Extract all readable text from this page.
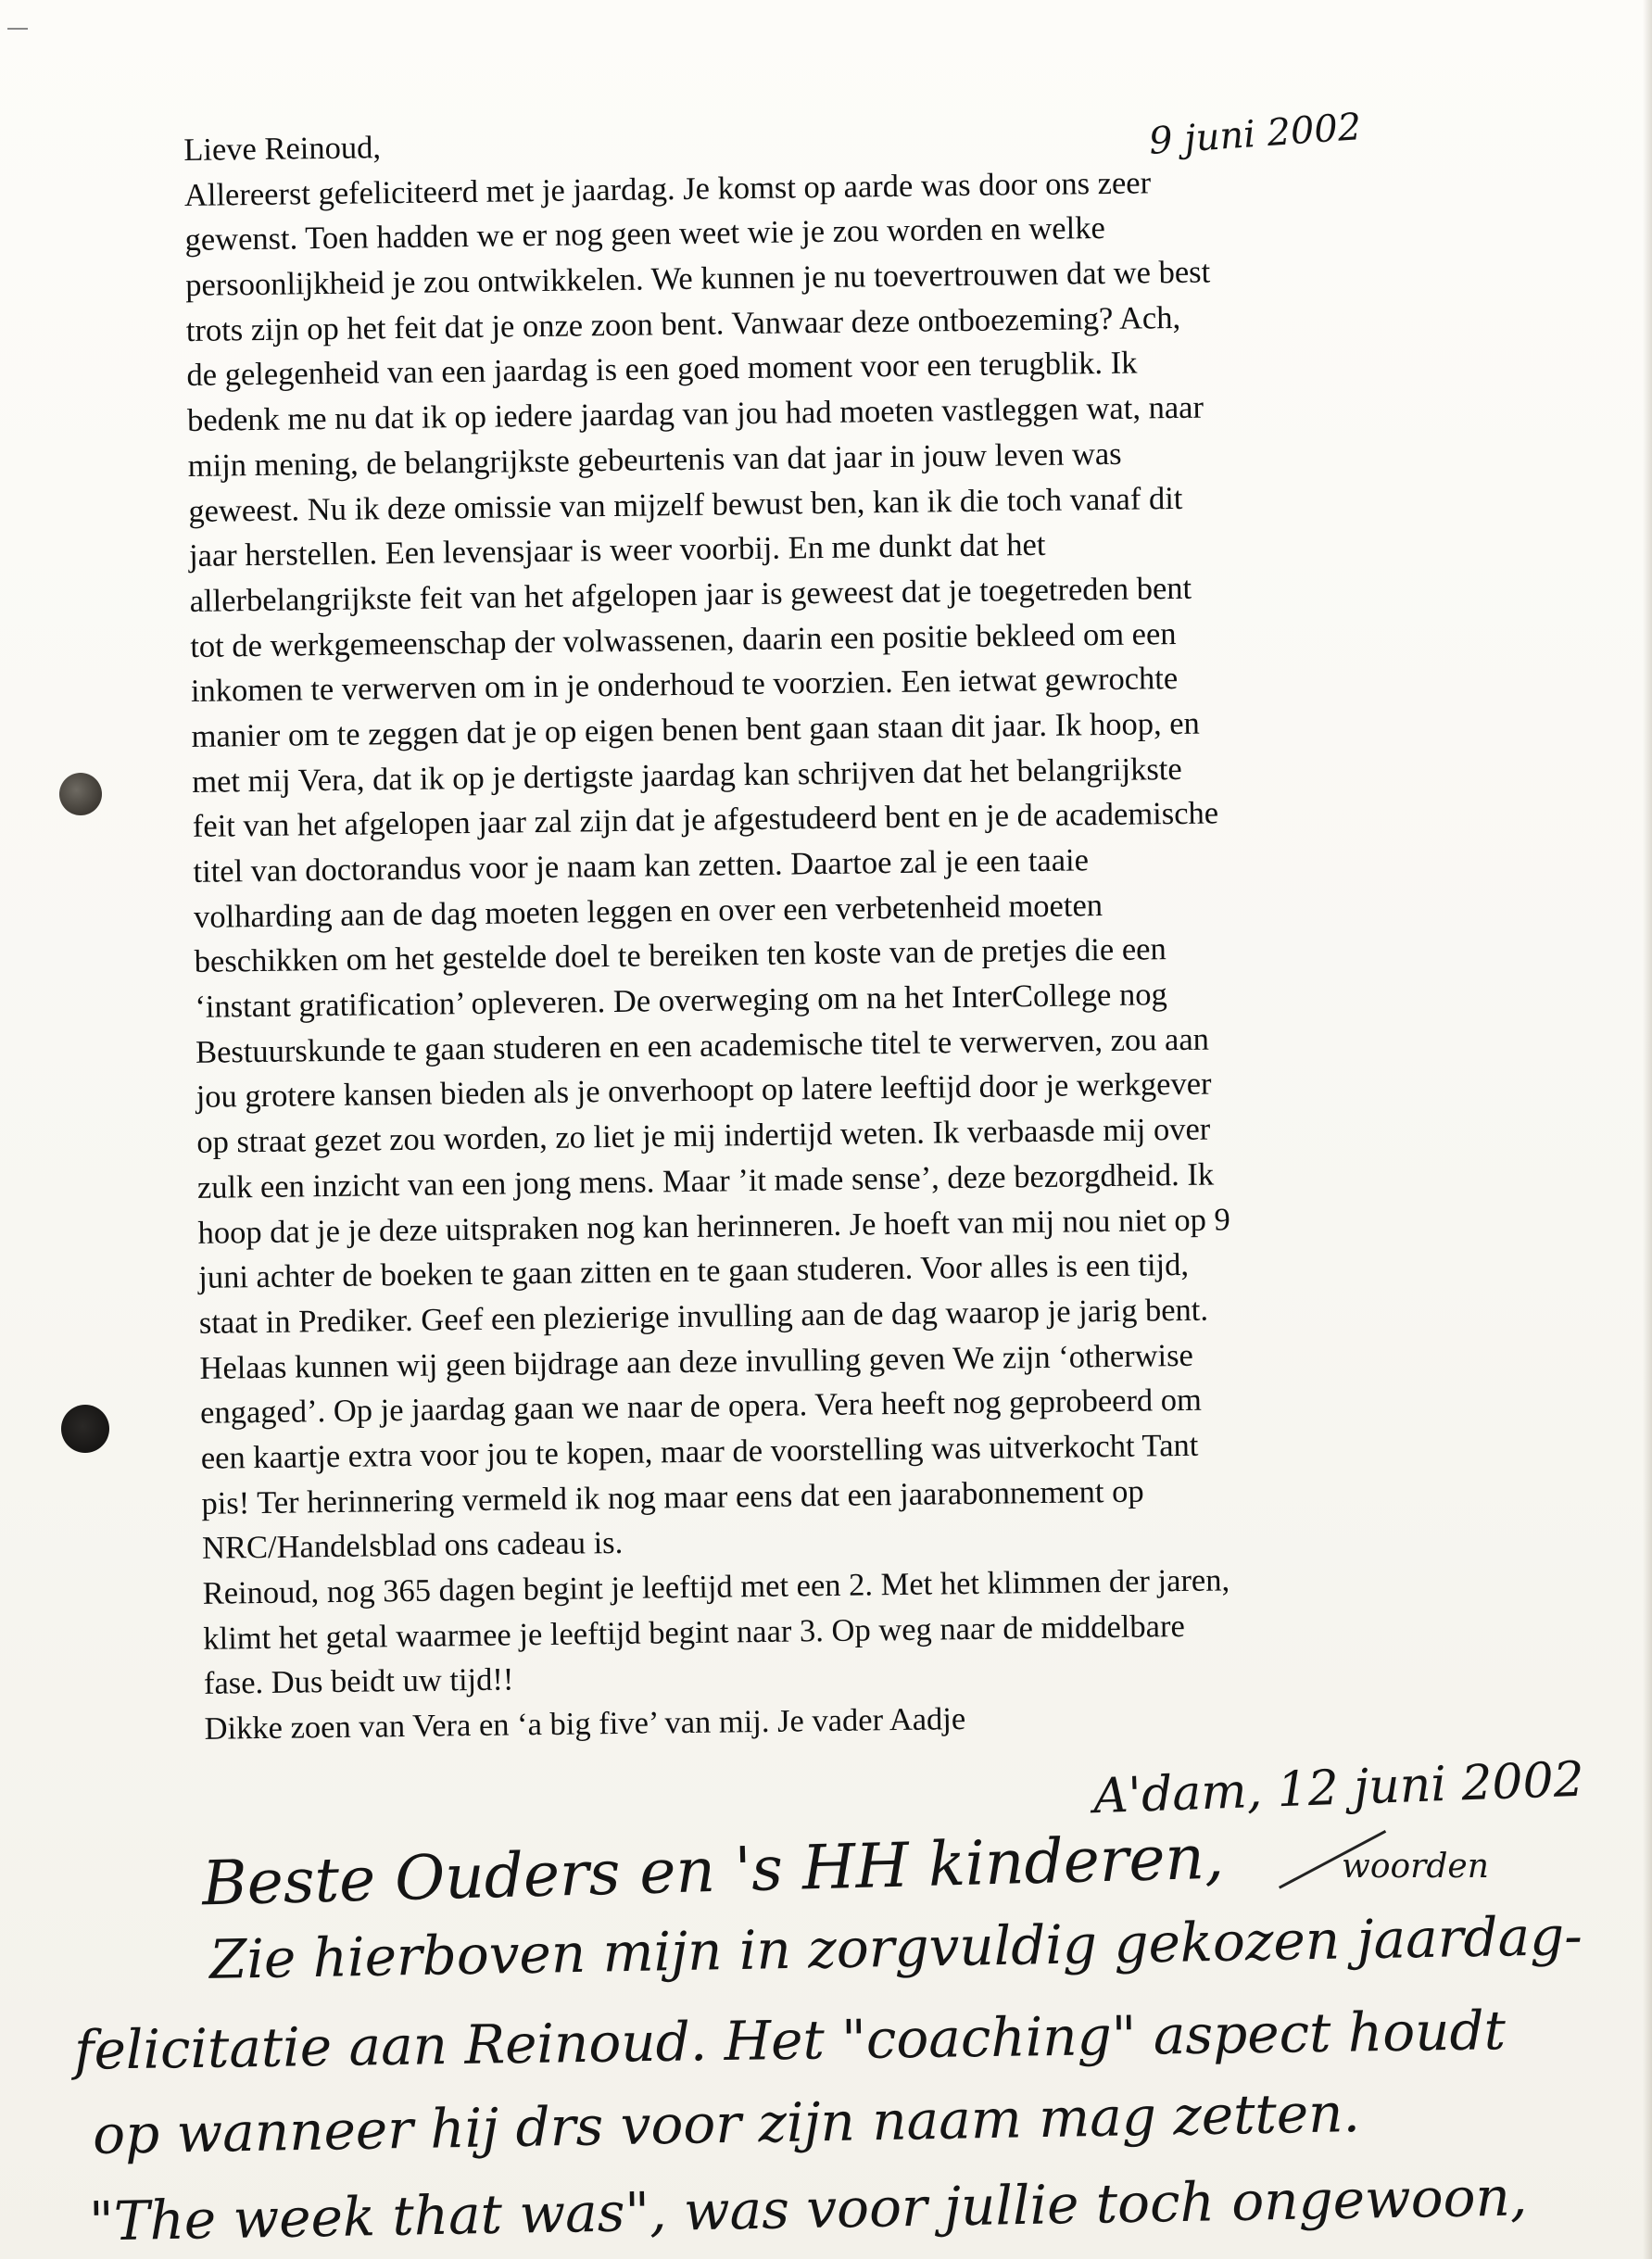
9 juni 2002
Lieve Reinoud,
Allereerst gefeliciteerd met je jaardag. Je komst op aarde was door ons zeer
gewenst. Toen hadden we er nog geen weet wie je zou worden en welke
persoonlijkheid je zou ontwikkelen. We kunnen je nu toevertrouwen dat we best
trots zijn op het feit dat je onze zoon bent. Vanwaar deze ontboezeming? Ach,
de gelegenheid van een jaardag is een goed moment voor een terugblik. Ik
bedenk me nu dat ik op iedere jaardag van jou had moeten vastleggen wat, naar
mijn mening, de belangrijkste gebeurtenis van dat jaar in jouw leven was
geweest. Nu ik deze omissie van mijzelf bewust ben, kan ik die toch vanaf dit
jaar herstellen. Een levensjaar is weer voorbij. En me dunkt dat het
allerbelangrijkste feit van het afgelopen jaar is geweest dat je toegetreden bent
tot de werkgemeenschap der volwassenen, daarin een positie bekleed om een
inkomen te verwerven om in je onderhoud te voorzien. Een ietwat gewrochte
manier om te zeggen dat je op eigen benen bent gaan staan dit jaar. Ik hoop, en
met mij Vera, dat ik op je dertigste jaardag kan schrijven dat het belangrijkste
feit van het afgelopen jaar zal zijn dat je afgestudeerd bent en je de academische
titel van doctorandus voor je naam kan zetten. Daartoe zal je een taaie
volharding aan de dag moeten leggen en over een verbetenheid moeten
beschikken om het gestelde doel te bereiken ten koste van de pretjes die een
‘instant gratification’ opleveren. De overweging om na het InterCollege nog
Bestuurskunde te gaan studeren en een academische titel te verwerven, zou aan
jou grotere kansen bieden als je onverhoopt op latere leeftijd door je werkgever
op straat gezet zou worden, zo liet je mij indertijd weten. Ik verbaasde mij over
zulk een inzicht van een jong mens. Maar ’it made sense’, deze bezorgdheid. Ik
hoop dat je je deze uitspraken nog kan herinneren. Je hoeft van mij nou niet op 9
juni achter de boeken te gaan zitten en te gaan studeren. Voor alles is een tijd,
staat in Prediker. Geef een plezierige invulling aan de dag waarop je jarig bent.
Helaas kunnen wij geen bijdrage aan deze invulling geven We zijn ‘otherwise
engaged’. Op je jaardag gaan we naar de opera. Vera heeft nog geprobeerd om
een kaartje extra voor jou te kopen, maar de voorstelling was uitverkocht Tant
pis! Ter herinnering vermeld ik nog maar eens dat een jaarabonnement op
NRC/Handelsblad ons cadeau is.
Reinoud, nog 365 dagen begint je leeftijd met een 2. Met het klimmen der jaren,
klimt het getal waarmee je leeftijd begint naar 3. Op weg naar de middelbare
fase. Dus beidt uw tijd!!
Dikke zoen van Vera en ‘a big five’ van mij. Je vader Aadje
A'dam, 12 juni 2002
Beste Ouders en 's HH kinderen,	woorden
Zie hierboven mijn in zorgvuldig gekozen jaardag-
felicitatie aan Reinoud. Het "coaching" aspect houdt
op wanneer hij drs voor zijn naam mag zetten.
"The week that was", was voor jullie toch ongewoon,
